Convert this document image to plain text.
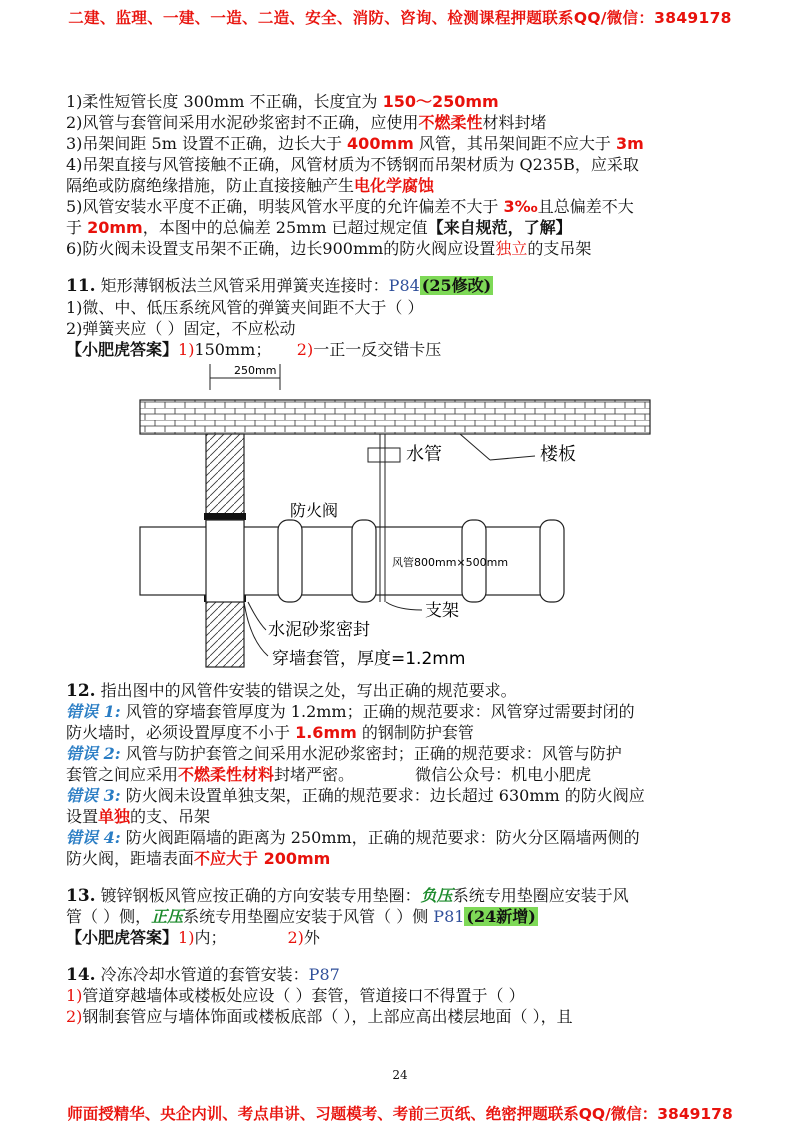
二建、监理、一建、一造、二造、安全、消防、咨询、检测课程押题联系QQ/微信：3849178
1)柔性短管长度 300mm 不正确，长度宜为 150～250mm
2)风管与套管间采用水泥砂浆密封不正确，应使用不燃柔性材料封堵
3)吊架间距 5m 设置不正确，边长大于 400mm 风管，其吊架间距不应大于 3m
4)吊架直接与风管接触不正确，风管材质为不锈钢而吊架材质为 Q235B，应采取
隔绝或防腐绝缘措施，防止直接接触产生电化学腐蚀
5)风管安装水平度不正确，明装风管水平度的允许偏差不大于 3‰且总偏差不大
于 20mm，本图中的总偏差 25mm 已超过规定值【来自规范，了解】
6)防火阀未设置支吊架不正确，边长900mm的防火阀应设置独立的支吊架
11. 矩形薄钢板法兰风管采用弹簧夹连接时：P84 (25修改)
1)微、中、低压系统风管的弹簧夹间距不大于（ ）
2)弹簧夹应（ ）固定，不应松动
【小肥虎答案】1)150mm； 2)一正一反交错卡压
250mm
水管	楼板
防火阀
风管800mm×500mm
水泥砂浆密封
支架
穿墙套管，厚度=1.2mm
12. 指出图中的风管件安装的错误之处，写出正确的规范要求。
错误 1: 风管的穿墙套管厚度为 1.2mm；正确的规范要求：风管穿过需要封闭的
防火墙时，必须设置厚度不小于 1.6mm 的钢制防护套管
错误 2: 风管与防护套管之间采用水泥砂浆密封；正确的规范要求：风管与防护
套管之间应采用不燃柔性材料封堵严密。	微信公众号：机电小肥虎
错误 3: 防火阀未设置单独支架，正确的规范要求：边长超过 630mm 的防火阀应
设置单独的支、吊架
错误 4: 防火阀距隔墙的距离为 250mm，正确的规范要求：防火分区隔墙两侧的
防火阀，距墙表面不应大于 200mm
13. 镀锌钢板风管应按正确的方向安装专用垫圈：负压系统专用垫圈应安装于风
管（ ）侧，正压系统专用垫圈应安装于风管（ ）侧 P81 (24新增)
【小肥虎答案】1)内；	2)外
14. 冷冻冷却水管道的套管安装：P87
1)管道穿越墙体或楼板处应设（ ）套管，管道接口不得置于（ ）
2)钢制套管应与墙体饰面或楼板底部（ ），上部应高出楼层地面（ ），且
24
师面授精华、央企内训、考点串讲、习题模考、考前三页纸、绝密押题联系QQ/微信：3849178
